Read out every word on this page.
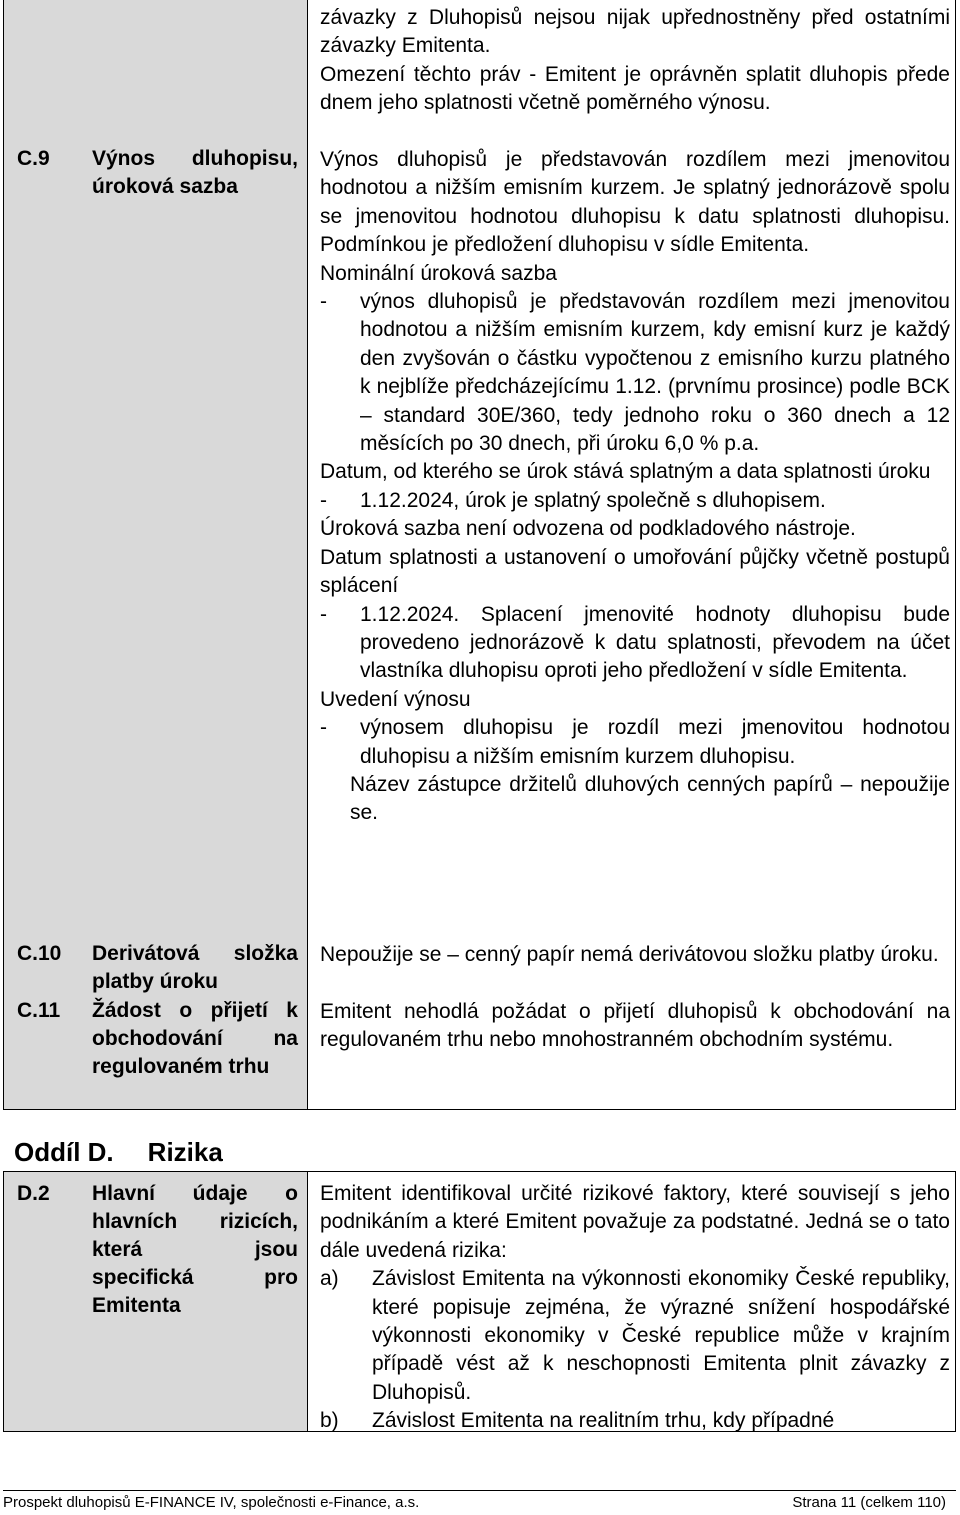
C.9 Výnos dluhopisu, úroková sazba
C.10 Derivátová složka platby úroku
C.11 Žádost o přijetí k obchodování na regulovaném trhu

závazky z Dluhopisů nejsou nijak upřednostněny před ostatními závazky Emitenta.

Omezení těchto práv - Emitent je oprávněn splatit dluhopis přede dnem jeho splatnosti včetně poměrného výnosu.

Výnos dluhopisů je představován rozdílem mezi jmenovitou hodnotou a nižším emisním kurzem. Je splatný jednorázově spolu se jmenovitou hodnotou dluhopisu k datu splatnosti dluhopisu. Podmínkou je předložení dluhopisu v sídle Emitenta.

Nominální úroková sazba

- výnos dluhopisů je představován rozdílem mezi jmenovitou hodnotou a nižším emisním kurzem, kdy emisní kurz je každý den zvyšován o částku vypočtenou z emisního kurzu platného k nejblíže předcházejícímu 1.12. (prvnímu prosince) podle BCK – standard 30E/360, tedy jednoho roku o 360 dnech a 12 měsících po 30 dnech, při úroku 6,0 % p.a.

Datum, od kterého se úrok stává splatným a data splatnosti úroku

- 1.12.2024, úrok je splatný společně s dluhopisem.

Úroková sazba není odvozena od podkladového nástroje.

Datum splatnosti a ustanovení o umořování půjčky včetně postupů splácení

- 1.12.2024. Splacení jmenovité hodnoty dluhopisu bude provedeno jednorázově k datu splatnosti, převodem na účet vlastníka dluhopisu oproti jeho předložení v sídle Emitenta.

Uvedení výnosu

- výnosem dluhopisu je rozdíl mezi jmenovitou hodnotou dluhopisu a nižším emisním kurzem dluhopisu.

Název zástupce držitelů dluhových cenných papírů – nepoužije se.

Nepoužije se – cenný papír nemá derivátovou složku platby úroku.

Emitent nehodlá požádat o přijetí dluhopisů k obchodování na regulovaném trhu nebo mnohostranném obchodním systému.

Oddíl D. Rizika
D.2 Hlavní údaje o hlavních rizicích, která jsou specifická pro Emitenta

Emitent identifikoval určité rizikové faktory, které souvisejí s jeho podnikáním a které Emitent považuje za podstatné. Jedná se o tato dále uvedená rizika:

a) Závislost Emitenta na výkonnosti ekonomiky České republiky, které popisuje zejména, že výrazné snížení hospodářské výkonnosti ekonomiky v České republice může v krajním případě vést až k neschopnosti Emitenta plnit závazky z Dluhopisů.

b) Závislost Emitenta na realitním trhu, kdy případné

Prospekt dluhopisů E-FINANCE IV, společnosti e-Finance, a.s.	Strana 11 (celkem 110)
